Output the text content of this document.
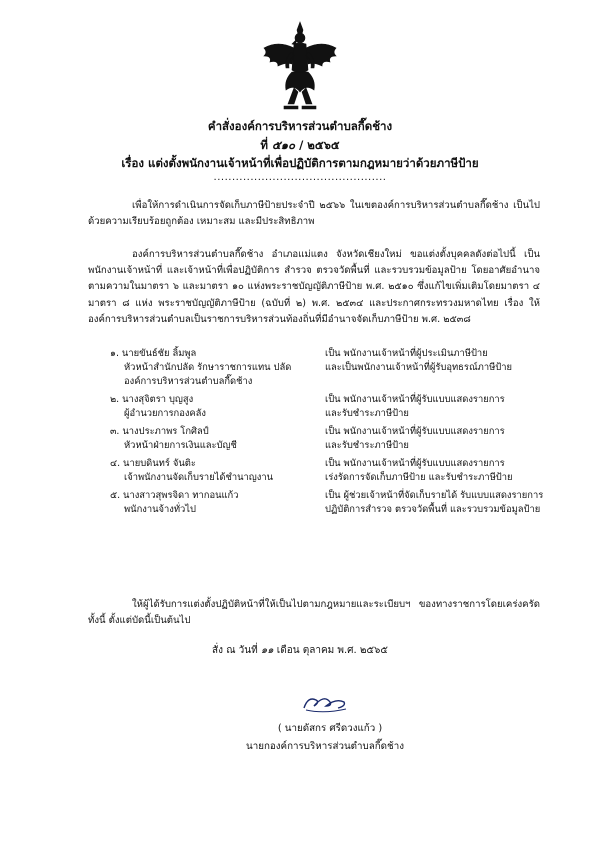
คำสั่งองค์การบริหารส่วนตำบลกี๊ดช้าง
ที่ ๕๑๐ / ๒๕๖๕
เรื่อง แต่งตั้งพนักงานเจ้าหน้าที่เพื่อปฏิบัติการตามกฎหมายว่าด้วยภาษีป้าย
...............................................
เพื่อให้การดำเนินการจัดเก็บภาษีป้ายประจำปี ๒๕๖๖ ในเขตองค์การบริหารส่วนตำบลกี๊ดช้าง เป็นไปด้วยความเรียบร้อยถูกต้อง เหมาะสม และมีประสิทธิภาพ
องค์การบริหารส่วนตำบลกี๊ดช้าง อำเภอแม่แตง จังหวัดเชียงใหม่ ขอแต่งตั้งบุคคลดังต่อไปนี้ เป็นพนักงานเจ้าหน้าที่ และเจ้าหน้าที่เพื่อปฏิบัติการ สำรวจ ตรวจวัดพื้นที่ และรวบรวมข้อมูลป้าย โดยอาศัยอำนาจตามความในมาตรา ๖ และมาตรา ๑๐ แห่งพระราชบัญญัติภาษีป้าย พ.ศ. ๒๕๑๐ ซึ่งแก้ไขเพิ่มเติมโดยมาตรา ๔ มาตรา ๘ แห่ง พระราชบัญญัติภาษีป้าย (ฉบับที่ ๒) พ.ศ. ๒๕๓๔ และประกาศกระทรวงมหาดไทย เรื่อง ให้องค์การบริหารส่วนตำบลเป็นราชการบริหารส่วนท้องถิ่นที่มีอำนาจจัดเก็บภาษีป้าย พ.ศ. ๒๕๓๘
๑. นายขันธ์ชัย ลิ้มพูล
หัวหน้าสำนักปลัด รักษาราชการแทน ปลัดองค์การบริหารส่วนตำบลกี๊ดช้าง
เป็น พนักงานเจ้าหน้าที่ผู้ประเมินภาษีป้าย
และเป็นพนักงานเจ้าหน้าที่ผู้รับอุทธรณ์ภาษีป้าย
๒. นางสุจิตรา บุญสูง
ผู้อำนวยการกองคลัง
เป็น พนักงานเจ้าหน้าที่ผู้รับแบบแสดงรายการ
และรับชำระภาษีป้าย
๓. นางประภาพร โกศิลป์
หัวหน้าฝ่ายการเงินและบัญชี
เป็น พนักงานเจ้าหน้าที่ผู้รับแบบแสดงรายการ
และรับชำระภาษีป้าย
๔. นายบดินทร์ จันติะ
เจ้าพนักงานจัดเก็บรายได้ชำนาญงาน
เป็น พนักงานเจ้าหน้าที่ผู้รับแบบแสดงรายการ
เร่งรัดการจัดเก็บภาษีป้าย และรับชำระภาษีป้าย
๕. นางสาวสุพรจิดา ทากอนแก้ว
พนักงานจ้างทั่วไป
เป็น ผู้ช่วยเจ้าหน้าที่จัดเก็บรายได้ รับแบบแสดงรายการ
ปฏิบัติการสำรวจ ตรวจวัดพื้นที่ และรวบรวมข้อมูลป้าย
ให้ผู้ได้รับการแต่งตั้งปฏิบัติหน้าที่ให้เป็นไปตามกฎหมายและระเบียบฯ ของทางราชการโดยเคร่งครัด ทั้งนี้ ตั้งแต่บัดนี้เป็นต้นไป
สั่ง ณ วันที่ ๑๑ เดือน ตุลาคม พ.ศ. ๒๕๖๕
( นายดัสกร ศรีดวงแก้ว )
นายกองค์การบริหารส่วนตำบลกี๊ดช้าง
